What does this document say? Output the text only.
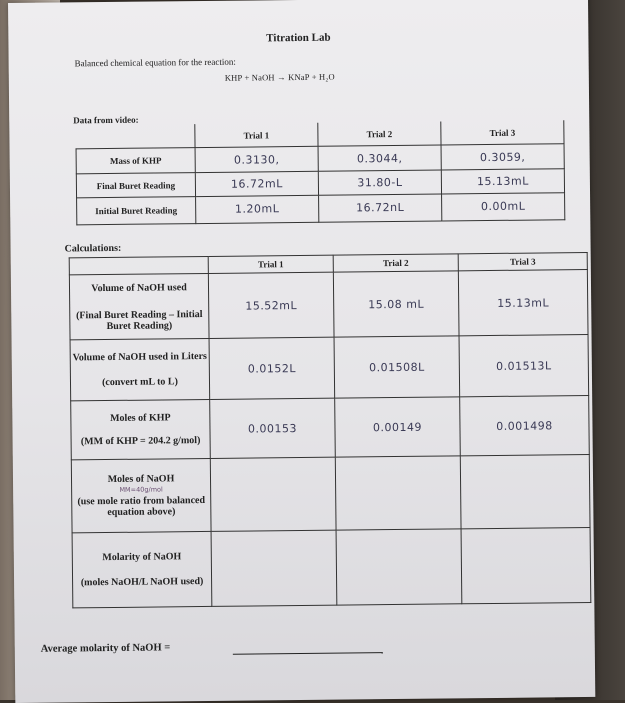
Titration Lab
Balanced chemical equation for the reaction:
KHP + NaOH → KNaP + H₂O
Data from video:
	Trial 1	Trial 2	Trial 3
Mass of KHP	0.3130,	0.3044,	0.3059,
Final Buret Reading	16.72mL	31.80-L	15.13mL
Initial Buret Reading	1.20mL	16.72nL	0.00mL
Calculations:
	Trial 1	Trial 2	Trial 3

Volume of NaOH used
(Final Buret Reading – Initial Buret Reading)	15.52mL	15.08 mL	15.13mL

Volume of NaOH used in Liters
(convert mL to L)	0.0152L	0.01508L	0.01513L

Moles of KHP
(MM of KHP = 204.2 g/mol)	0.00153	0.00149	0.001498

Moles of NaOH
MM=40g/mol
(use mole ratio from balanced equation above)			

Molarity of NaOH
(moles NaOH/L NaOH used)			

Average molarity of NaOH =
